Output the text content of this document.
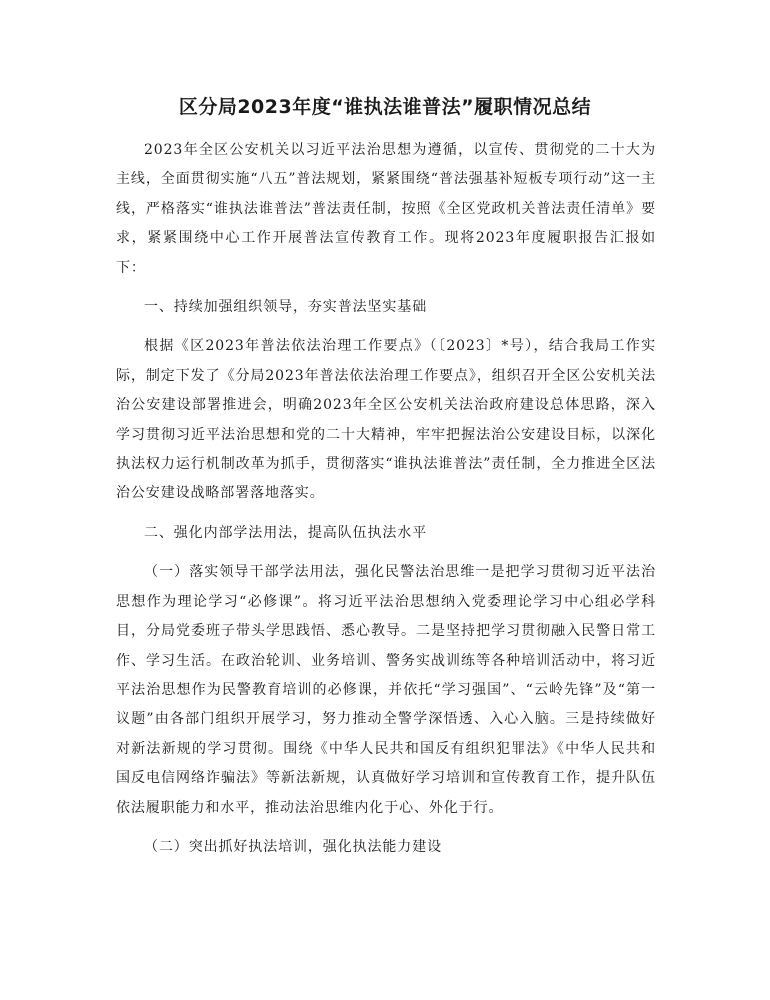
区分局2023年度“谁执法谁普法”履职情况总结

2023年全区公安机关以习近平法治思想为遵循，以宣传、贯彻党的二十大为主线，全面贯彻实施“八五”普法规划，紧紧围绕“普法强基补短板专项行动”这一主线，严格落实“谁执法谁普法”普法责任制，按照《全区党政机关普法责任清单》要求，紧紧围绕中心工作开展普法宣传教育工作。现将2023年度履职报告汇报如下：

一、持续加强组织领导，夯实普法坚实基础

根据《区2023年普法依法治理工作要点》（〔2023〕*号），结合我局工作实际，制定下发了《分局2023年普法依法治理工作要点》，组织召开全区公安机关法治公安建设部署推进会，明确2023年全区公安机关法治政府建设总体思路，深入学习贯彻习近平法治思想和党的二十大精神，牢牢把握法治公安建设目标，以深化执法权力运行机制改革为抓手，贯彻落实“谁执法谁普法”责任制，全力推进全区法治公安建设战略部署落地落实。

二、强化内部学法用法，提高队伍执法水平

（一）落实领导干部学法用法，强化民警法治思维一是把学习贯彻习近平法治思想作为理论学习“必修课”。将习近平法治思想纳入党委理论学习中心组必学科目，分局党委班子带头学思践悟、悉心教导。二是坚持把学习贯彻融入民警日常工作、学习生活。在政治轮训、业务培训、警务实战训练等各种培训活动中，将习近平法治思想作为民警教育培训的必修课，并依托“学习强国”、“云岭先锋”及“第一议题”由各部门组织开展学习，努力推动全警学深悟透、入心入脑。三是持续做好对新法新规的学习贯彻。围绕《中华人民共和国反有组织犯罪法》《中华人民共和国反电信网络诈骗法》等新法新规，认真做好学习培训和宣传教育工作，提升队伍依法履职能力和水平，推动法治思维内化于心、外化于行。

（二）突出抓好执法培训，强化执法能力建设
